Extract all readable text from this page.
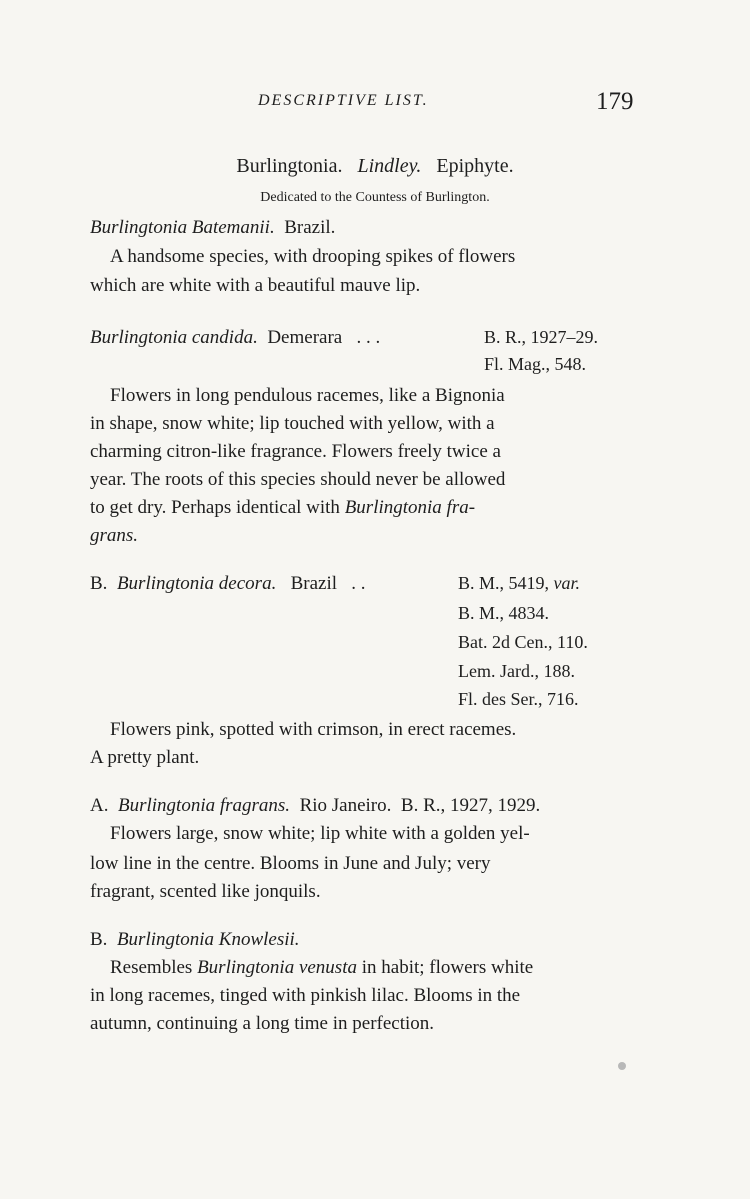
DESCRIPTIVE LIST.	179
Burlingtonia. Lindley. Epiphyte.
Dedicated to the Countess of Burlington.
Burlingtonia Batemanii. Brazil.
A handsome species, with drooping spikes of flowers
which are white with a beautiful mauve lip.
Burlingtonia candida. Demerara . . .	B. R., 1927–29.
Fl. Mag., 548.
Flowers in long pendulous racemes, like a Bignonia
in shape, snow white; lip touched with yellow, with a
charming citron-like fragrance. Flowers freely twice a
year. The roots of this species should never be allowed
to get dry. Perhaps identical with Burlingtonia fra-
grans.
B. Burlingtonia decora. Brazil . .	B. M., 5419, var.
B. M., 4834.
Bat. 2d Cen., 110.
Lem. Jard., 188.
Fl. des Ser., 716.
Flowers pink, spotted with crimson, in erect racemes.
A pretty plant.
A. Burlingtonia fragrans. Rio Janeiro. B. R., 1927, 1929.
Flowers large, snow white; lip white with a golden yel-
low line in the centre. Blooms in June and July; very
fragrant, scented like jonquils.
B. Burlingtonia Knowlesii.
Resembles Burlingtonia venusta in habit; flowers white
in long racemes, tinged with pinkish lilac. Blooms in the
autumn, continuing a long time in perfection.
